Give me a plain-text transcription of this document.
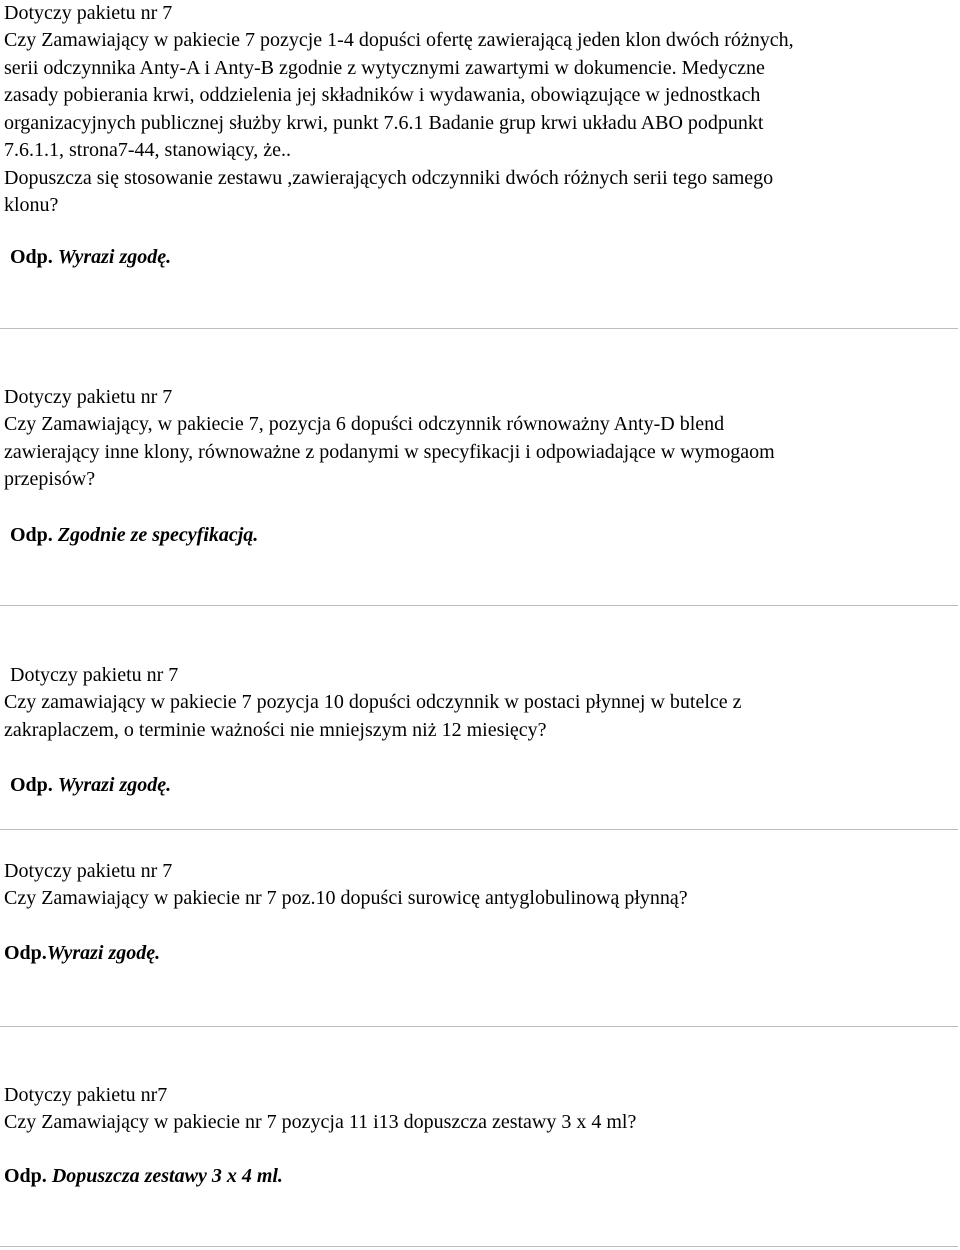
Dotyczy pakietu nr 7
Czy Zamawiający w pakiecie 7 pozycje 1-4 dopuści ofertę zawierającą jeden klon dwóch różnych,
serii odczynnika Anty-A i Anty-B zgodnie z wytycznymi zawartymi w dokumencie. Medyczne
zasady pobierania krwi, oddzielenia jej składników i wydawania, obowiązujące w jednostkach
organizacyjnych publicznej służby krwi, punkt 7.6.1 Badanie grup krwi układu ABO podpunkt
7.6.1.1, strona7-44, stanowiący, że..
Dopuszcza się stosowanie zestawu ,zawierających odczynniki dwóch różnych serii tego samego
klonu?
Odp. Wyrazi zgodę.
Dotyczy pakietu nr 7
Czy Zamawiający, w pakiecie 7, pozycja 6 dopuści odczynnik równoważny Anty-D blend
zawierający inne klony, równoważne z podanymi w specyfikacji i odpowiadające w wymogaom
przepisów?
Odp. Zgodnie ze specyfikacją.
Dotyczy pakietu nr 7
Czy zamawiający w pakiecie 7 pozycja 10 dopuści odczynnik w postaci płynnej w butelce z
zakraplaczem, o terminie ważności nie mniejszym niż 12 miesięcy?
Odp. Wyrazi zgodę.
Dotyczy pakietu nr 7
Czy Zamawiający w pakiecie nr 7 poz.10 dopuści surowicę antyglobulinową płynną?
Odp.Wyrazi zgodę.
Dotyczy pakietu nr7
Czy Zamawiający w pakiecie nr 7 pozycja 11 i13 dopuszcza zestawy 3 x 4 ml?
Odp. Dopuszcza zestawy 3 x 4 ml.
